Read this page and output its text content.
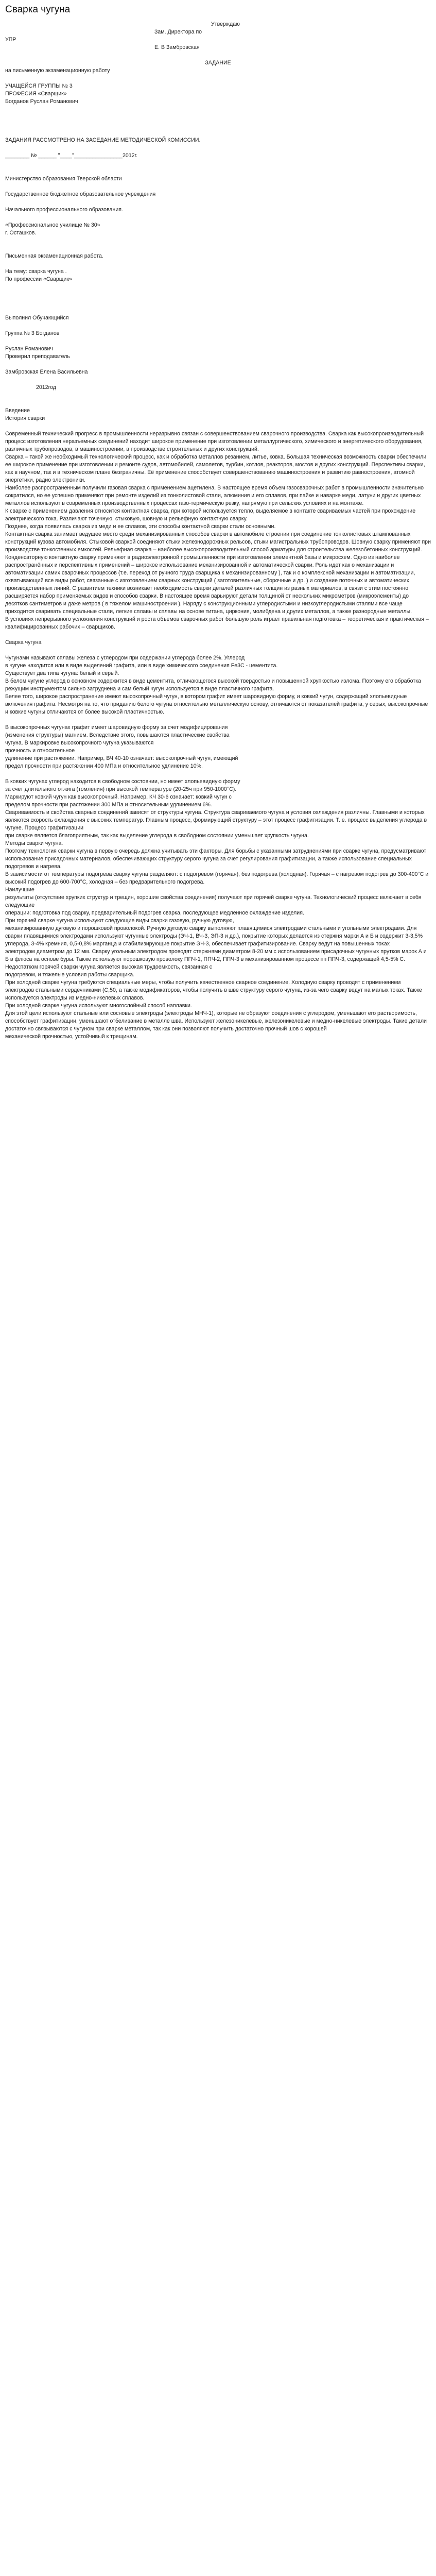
Сварка чугуна

Утверждаю

Зам. Директора по

УПР

Е. В Замбровская

ЗАДАНИЕ

на письменную экзаменационную работу

УЧАЩЕЙСЯ ГРУППЫ № 3

ПРОФЕСИЯ «Сварщик»

Богданов Руслан Романович

ЗАДАНИЯ РАССМОТРЕНО НА ЗАСЕДАНИЕ МЕТОДИЧЕСКОЙ КОМИССИИ.

________ № ______ "____"________________2012г.

Министерство образования Тверской области

Государственное бюджетное образовательное учреждения

Начального профессионального образования.

«Профессиональное училище № 30»

г. Осташков.

Письменная экзаменационная работа.

На тему: сварка чугуна .

По профессии «Сварщик»

Выполнил Обучающийся

Группа № 3 Богданов

Руслан Романович

Проверил преподаватель

Замбровская Елена Васильевна

2012год

Введение

История сварки

Современный технический прогресс в промышленности неразрывно связан с совершенствованием сварочного производства. Сварка как высокопроизводительный процесс изготовления неразъемных соединений находит широкое применение при изготовлении металлургического, химического и энергетического оборудования, различных трубопроводов, в машиностроении, в производстве строительных и других конструкций.

Сварка – такой же необходимый технологический процесс, как и обработка металлов резанием, литье, ковка. Большая техническая возможность сварки обеспечили ее широкое применение при изготовлении и ремонте судов, автомобилей, самолетов, турбин, котлов, реакторов, мостов и других конструкций. Перспективы сварки, как в научном, так и в техническом плане безграничны. Её применение способствует совершенствованию машиностроения и развитию равностроения, атомной энергетики, радио электроники.

Наиболее распространенным получили газовая сварка с применением ацетилена. В настоящее время объем газосварочных работ в промышленности значительно сократился, но ее успешно применяют при ремонте изделий из тонколистовой стали, алюминия и его сплавов, при пайке и наварке меди, латуни и других цветных металлов используют в современных производственных процессах газо-термическую резку, напрямую при сельских условиях и на монтаже.

К сварке с применением давления относится контактная сварка, при которой используется тепло, выделяемое в контакте свариваемых частей при прохождение электрического тока. Различают точечную, стыковую, шовную и рельефную контактную сварку.

Позднее, когда появилась сварка из меди и ее сплавов, эти способы контактной сварки стали основными.

Контактная сварка занимает ведущее место среди механизированных способов сварки в автомобиле строении при соединение тонколистовых штампованных конструкций кузова автомобиля. Стыковой сваркой соединяют стыки железнодорожных рельсов, стыки магистральных трубопроводов. Шовную сварку применяют при производстве тонкостенных емкостей. Рельефная сварка – наиболее высокопроизводительный способ арматуры для строительства железобетонных конструкций. Конденсаторную контактную сварку применяют в радиоэлектронной промышленности при изготовлении элементной базы и микросхем. Одно из наиболее распространённых и перспективных применений – широкое использование механизированной и автоматической сварки. Роль идет как о механизации и автоматизации самих сварочных процессов (т.е. переход от ручного труда сварщика к механизированному ), так и о комплексной механизации и автоматизации, охватывающий все виды работ, связанные с изготовлением сварных конструкций ( заготовительные, сборочные и др. ) и создание поточных и автоматических производственных линий. С развитием техники возникает необходимость сварки деталей различных толщин из разных материалов, в связи с этим постоянно расширяется набор применяемых видов и способов сварки. В настоящее время варьируют детали толщиной от нескольких микрометров (микроэлементы) до десятков сантиметров и даже метров ( в тяжелом машиностроении ). Наряду с конструкционными углеродистыми и низкоуглеродистыми сталями все чаще приходится сваривать специальные стали, легкие сплавы и сплавы на основе титана, циркония, молибдена и других металлов, а также разнородные металлы.

В условиях непрерывного усложнения конструкций и роста объемов сварочных работ большую роль играет правильная подготовка – теоретическая и практическая – квалифицированных рабочих – сварщиков.

Сварка чугуна

Чугунами называют сплавы железа с углеродом при содержании углерода более 2%. Углерод

в чугуне находится или в виде выделений графита, или в виде химического соединения Fe3C - цементита.

Существует два типа чугуна: белый и серый.

В белом чугуне углерод в основном содержится в виде цементита, отличающегося высокой твердостью и повышенной хрупкостью излома. Поэтому его обработка режущим инструментом сильно затруднена и сам белый чугун используется в виде пластичного графита.

Белее того, широкое распространение имеют высокопрочный чугун, в котором графит имеет шаровидную форму, и ковкий чугун, содержащий хлопьевидные включения графита. Несмотря на то, что приданию белого чугуна относительно металлическую основу, отличаются от показателей графита, у серых, высокопрочные и ковкие чугуны отличаются от более высокой пластичностью.

В высокопрочных чугунах графит имеет шаровидную форму за счет модифицирования

(изменения структуры) магнием. Вследствие этого, повышаются пластические свойства

чугуна. В маркировке высокопрочного чугуна указываются

прочность и относительное

удлинение при растяжении. Например, ВЧ 40-10 означает: высокопрочный чугун, имеющий

предел прочности при растяжении 400 МПа и относительное удлинение 10%.

В ковких чугунах углерод находится в свободном состоянии, но имеет хлопьевидную форму

за счет длительного отжига (томления) при высокой температуре (20-25ч при 950-1000°C).

Маркируют ковкий чугун как высокопрочный. Например, КЧ 30-6 означает: ковкий чугун с

пределом прочности при растяжении 300 МПа и относительным удлинением 6%.

Свариваемость и свойства сварных соединений зависят от структуры чугуна. Структура свариваемого чугуна и условия охлаждения различны. Главными и которых являются скорость охлаждения с высоких температур. Главным процесс, формирующий структуру – этот процесс графитизации. Т. е. процесс выделения углерода в чугуне. Процесс графитизации

при сварке является благоприятным, так как выделение углерода в свободном состоянии уменьшает хрупкость чугуна.

Методы сварки чугуна.

Поэтому технология сварки чугуна в первую очередь должна учитывать эти факторы. Для борьбы с указанными затруднениями при сварке чугуна, предусматривают использование присадочных материалов, обеспечивающих структуру серого чугуна за счет регулирования графитизации, а также использование специальных подогревов и нагрева.

В зависимости от температуры подогрева сварку чугуна разделяют: с подогревом (горячая), без подогрева (холодная). Горячая – с нагревом подогрев до 300-400°C и высокий подогрев до 600-700°C, холодная – без предварительного подогрева.

Наилучшие

результаты (отсутствие хрупких структур и трещин, хорошие свойства соединения) получают при горячей сварке чугуна. Технологический процесс включает в себя следующие

операции: подготовка под сварку, предварительный подогрев сварка, последующее медленное охлаждение изделия.

При горячей сварке чугуна используют следующие виды сварки газовую, ручную дуговую,

механизированную дуговую и порошковой проволокой. Ручную дуговую сварку выполняют плавящимися электродами стальными и угольными электродами. Для сварки плавящимися электродами используют чугунные электроды (ЭЧ-1, ВЧ-3, ЭП-3 и др.), покрытие которых делается из стержня марки А и Б и содержит 3-3,5% углерода, 3-4% кремния, 0,5-0,8% марганца и стабилизирующие покрытие ЭЧ-3, обеспечивает графитизирование. Сварку ведут на повышенных токах

электродом диаметром до 12 мм. Сварку угольным электродом проводят стержнями диаметром 8-20 мм с использованием присадочных чугунных прутков марок А и Б в флюса на основе буры. Также используют порошковую проволоку ППЧ-1, ППЧ-2, ППЧ-3 в механизированном процессе пп ППЧ-3, содержащей 4,5-5% С.

Недостатком горячей сварки чугуна является высокая трудоемкость, связанная с

подогревом, и тяжелые условия работы сварщика.

При холодной сварке чугуна требуются специальные меры, чтобы получить качественное сварное соединение. Холодную сварку проводят с применением электродов стальными сердечниками (С,50, а также модификаторов, чтобы получить в шве структуру серого чугуна, из-за чего сварку ведут на малых токах. Также используется электроды из медно-никелевых сплавов.

При холодной сварке чугуна используют многослойный способ наплавки.

Для этой цели используют стальные или сосновые электроды (электроды МНЧ-1), которые не образуют соединения с углеродом, уменьшают его растворимость, способствует графитизации, уменьшают отбеливание в металле шва. Используют железоникелевые, железоникелевые и медно-никелевые электроды. Такие детали достаточно связываются с чугуном при сварке металлом, так как они позволяют получить достаточно прочный шов с хорошей

механической прочностью, устойчивый к трещинам.
